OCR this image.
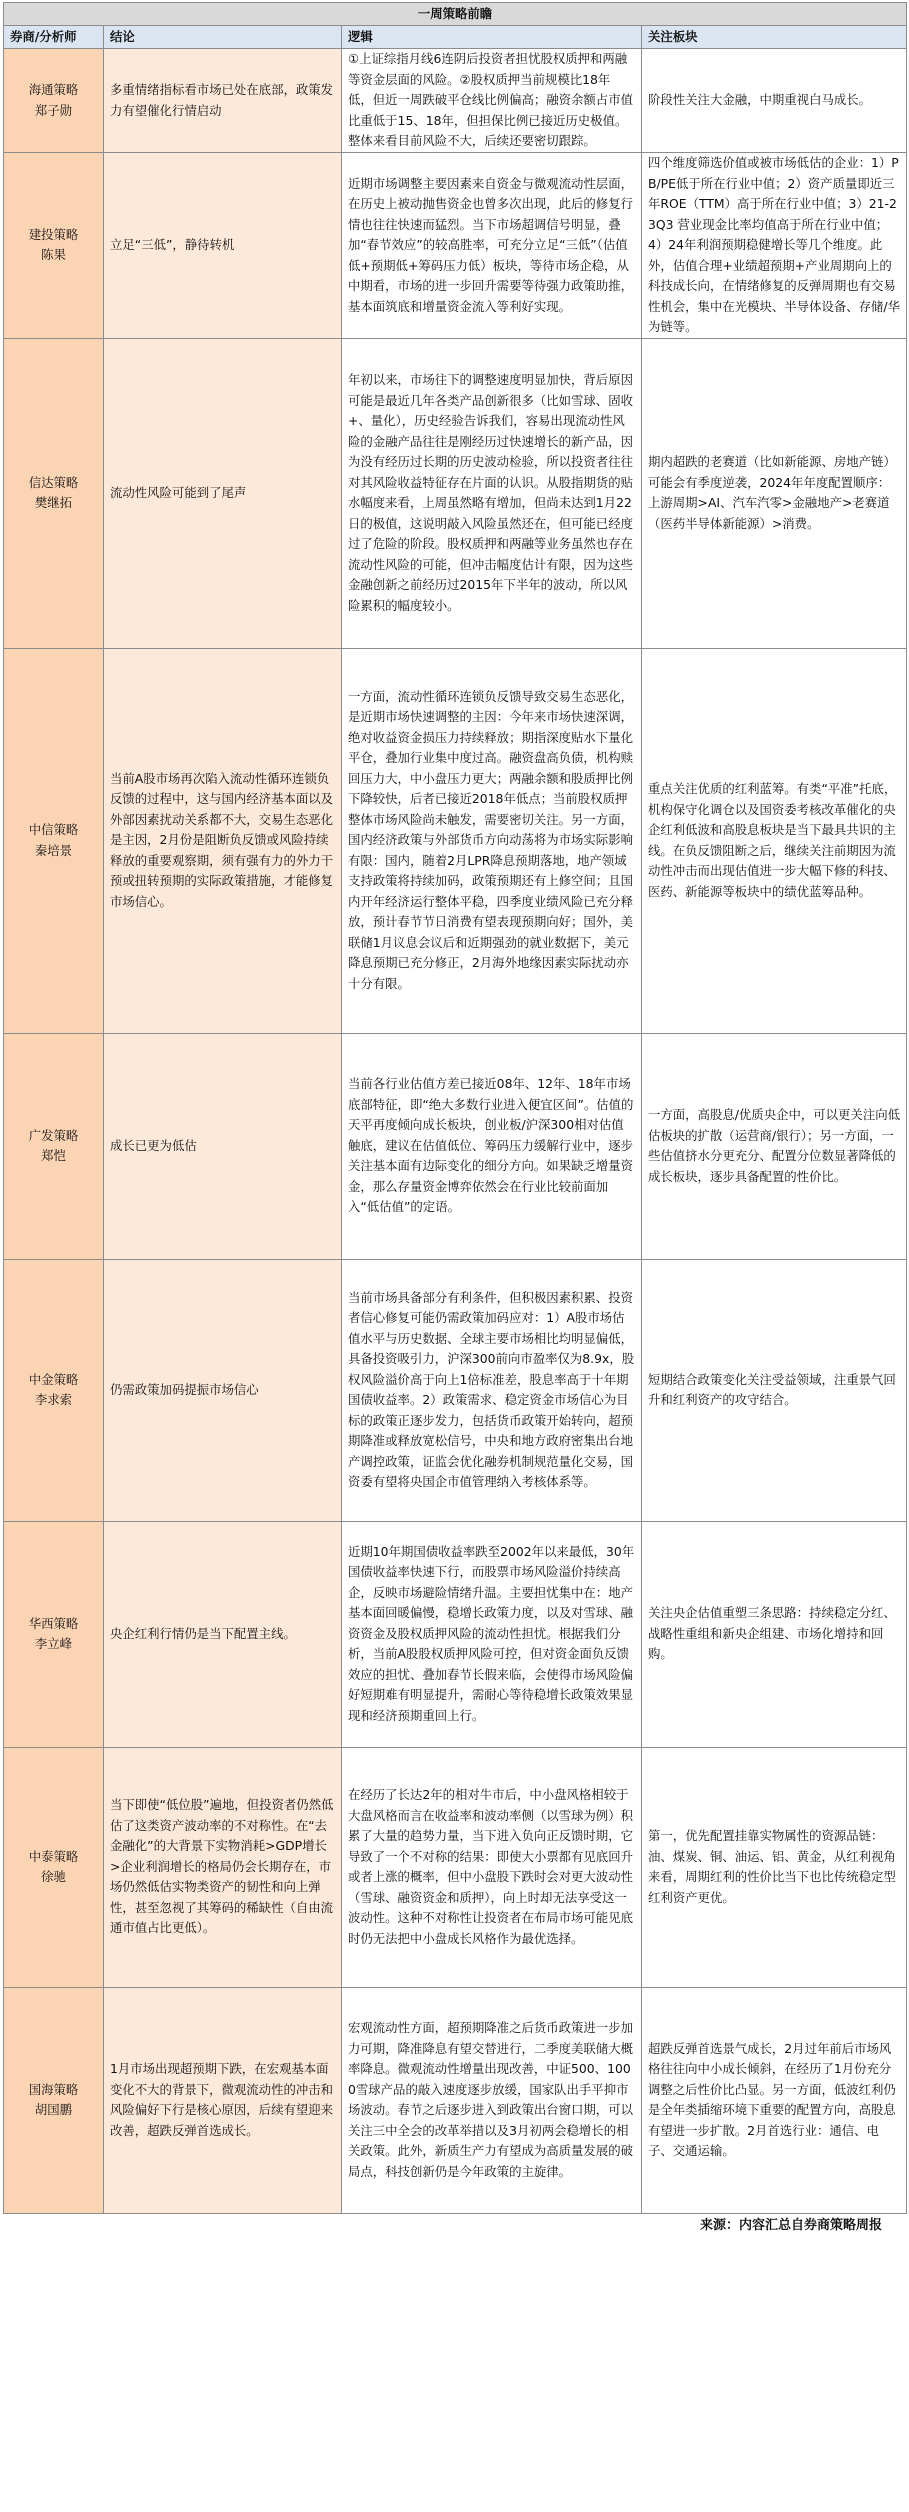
一周策略前瞻			
券商/分析师	结论	逻辑	关注板块

海通策略
郑子勋	多重情绪指标看市场已处在底部，政策发力有望催化行情启动	①上证综指月线6连阴后投资者担忧股权质押和两融等资金层面的风险。②股权质押当前规模比18年低，但近一周跌破平仓线比例偏高；融资余额占市值比重低于15、18年，但担保比例已接近历史极值。整体来看目前风险不大，后续还要密切跟踪。	阶段性关注大金融，中期重视白马成长。

建投策略
陈果	立足“三低”，静待转机	近期市场调整主要因素来自资金与微观流动性层面，在历史上被动抛售资金也曾多次出现，此后的修复行情也往往快速而猛烈。当下市场超调信号明显，叠加“春节效应”的较高胜率，可充分立足“三低”（估值低+预期低+筹码压力低）板块，等待市场企稳，从中期看，市场的进一步回升需要等待强力政策助推，基本面筑底和增量资金流入等利好实现。	四个维度筛选价值或被市场低估的企业：1）PB/PE低于所在行业中值；2）资产质量即近三年ROE（TTM）高于所在行业中值；3）21-23Q3 营业现金比率均值高于所在行业中值；4）24年利润预期稳健增长等几个维度。此外，估值合理+业绩超预期+产业周期向上的科技成长向，在情绪修复的反弹周期也有交易性机会，集中在光模块、半导体设备、存储/华为链等。

信达策略
樊继拓	流动性风险可能到了尾声	年初以来，市场往下的调整速度明显加快，背后原因可能是最近几年各类产品创新很多（比如雪球、固收+、量化），历史经验告诉我们，容易出现流动性风险的金融产品往往是刚经历过快速增长的新产品，因为没有经历过长期的历史波动检验，所以投资者往往对其风险收益特征存在片面的认识。从股指期货的贴水幅度来看，上周虽然略有增加，但尚未达到1月22日的极值，这说明敲入风险虽然还在，但可能已经度过了危险的阶段。股权质押和两融等业务虽然也存在流动性风险的可能，但冲击幅度估计有限，因为这些金融创新之前经历过2015年下半年的波动，所以风险累积的幅度较小。	期内超跌的老赛道（比如新能源、房地产链）可能会有季度逆袭，2024年年度配置顺序：上游周期>AI、汽车汽零>金融地产>老赛道（医药半导体新能源）>消费。

中信策略
秦培景	当前A股市场再次陷入流动性循环连锁负反馈的过程中，这与国内经济基本面以及外部因素扰动关系都不大，交易生态恶化是主因，2月份是阻断负反馈或风险持续释放的重要观察期，须有强有力的外力干预或扭转预期的实际政策措施，才能修复市场信心。	一方面，流动性循环连锁负反馈导致交易生态恶化，是近期市场快速调整的主因：今年来市场快速深调，绝对收益资金损压力持续释放；期指深度贴水下量化平仓，叠加行业集中度过高。融资盘高负债，机构赎回压力大，中小盘压力更大；两融余额和股质押比例下降较快，后者已接近2018年低点；当前股权质押整体市场风险尚未触发，需要密切关注。另一方面，国内经济政策与外部货币方向动荡将为市场实际影响有限：国内，随着2月LPR降息预期落地，地产领域支持政策将持续加码，政策预期还有上修空间；且国内开年经济运行整体平稳，四季度业绩风险已充分释放，预计春节节日消费有望表现预期向好；国外，美联储1月议息会议后和近期强劲的就业数据下，美元降息预期已充分修正，2月海外地缘因素实际扰动亦十分有限。	重点关注优质的红利蓝筹。有类“平准”托底，机构保守化调仓以及国资委考核改革催化的央企红利低波和高股息板块是当下最具共识的主线。在负反馈阻断之后，继续关注前期因为流动性冲击而出现估值进一步大幅下修的科技、医药、新能源等板块中的绩优蓝筹品种。

广发策略
郑恺	成长已更为低估	当前各行业估值方差已接近08年、12年、18年市场底部特征，即“绝大多数行业进入便宜区间”。估值的天平再度倾向成长板块，创业板/沪深300相对估值触底，建议在估值低位、筹码压力缓解行业中，逐步关注基本面有边际变化的细分方向。如果缺乏增量资金，那么存量资金博弈依然会在行业比较前面加入“低估值”的定语。	一方面，高股息/优质央企中，可以更关注向低估板块的扩散（运营商/银行）；另一方面，一些估值挤水分更充分、配置分位数显著降低的成长板块，逐步具备配置的性价比。

中金策略
李求索	仍需政策加码提振市场信心	当前市场具备部分有利条件，但积极因素积累、投资者信心修复可能仍需政策加码应对：1）A股市场估值水平与历史数据、全球主要市场相比均明显偏低，具备投资吸引力，沪深300前向市盈率仅为8.9x，股权风险溢价高于向上1倍标准差，股息率高于十年期国债收益率。2）政策需求、稳定资金市场信心为目标的政策正逐步发力，包括货币政策开始转向，超预期降准或释放宽松信号，中央和地方政府密集出台地产调控政策，证监会优化融券机制规范量化交易，国资委有望将央国企市值管理纳入考核体系等。	短期结合政策变化关注受益领域，注重景气回升和红利资产的攻守结合。

华西策略
李立峰	央企红利行情仍是当下配置主线。	近期10年期国债收益率跌至2002年以来最低，30年国债收益率快速下行，而股票市场风险溢价持续高企，反映市场避险情绪升温。主要担忧集中在：地产基本面回暖偏慢，稳增长政策力度，以及对雪球、融资资金及股权质押风险的流动性担忧。根据我们分析，当前A股股权质押风险可控，但对资金面负反馈效应的担忧、叠加春节长假来临，会使得市场风险偏好短期难有明显提升，需耐心等待稳增长政策效果显现和经济预期重回上行。	关注央企估值重塑三条思路：持续稳定分红、战略性重组和新央企组建、市场化增持和回购。

中泰策略
徐驰	当下即使“低位股”遍地，但投资者仍然低估了这类资产波动率的不对称性。在“去金融化”的大背景下实物消耗>GDP增长>企业利润增长的格局仍会长期存在，市场仍然低估实物类资产的韧性和向上弹性，甚至忽视了其筹码的稀缺性（自由流通市值占比更低）。	在经历了长达2年的相对牛市后，中小盘风格相较于大盘风格而言在收益率和波动率侧（以雪球为例）积累了大量的趋势力量，当下进入负向正反馈时期，它导致了一个不对称的结果：即使大小票都有见底回升或者上涨的概率，但中小盘股下跌时会对更大波动性（雪球、融资资金和质押），向上时却无法享受这一波动性。这种不对称性让投资者在布局市场可能见底时仍无法把中小盘成长风格作为最优选择。	第一，优先配置挂靠实物属性的资源品链：油、煤炭、铜、油运、铝、黄金，从红利视角来看，周期红利的性价比当下也比传统稳定型红利资产更优。

国海策略
胡国鹏	1月市场出现超预期下跌，在宏观基本面变化不大的背景下，微观流动性的冲击和风险偏好下行是核心原因，后续有望迎来改善，超跌反弹首选成长。	宏观流动性方面，超预期降准之后货币政策进一步加力可期，降准降息有望交替进行，二季度美联储大概率降息。微观流动性增量出现改善，中证500、1000雪球产品的敲入速度逐步放缓，国家队出手平抑市场波动。春节之后逐步进入到政策出台窗口期，可以关注三中全会的改革举措以及3月初两会稳增长的相关政策。此外，新质生产力有望成为高质量发展的破局点，科技创新仍是今年政策的主旋律。	超跌反弹首选景气成长，2月过年前后市场风格往往向中小成长倾斜，在经历了1月份充分调整之后性价比凸显。另一方面，低波红利仍是全年类插缩环境下重要的配置方向，高股息有望进一步扩散。2月首选行业：通信、电子、交通运输。
来源：内容汇总自券商策略周报
